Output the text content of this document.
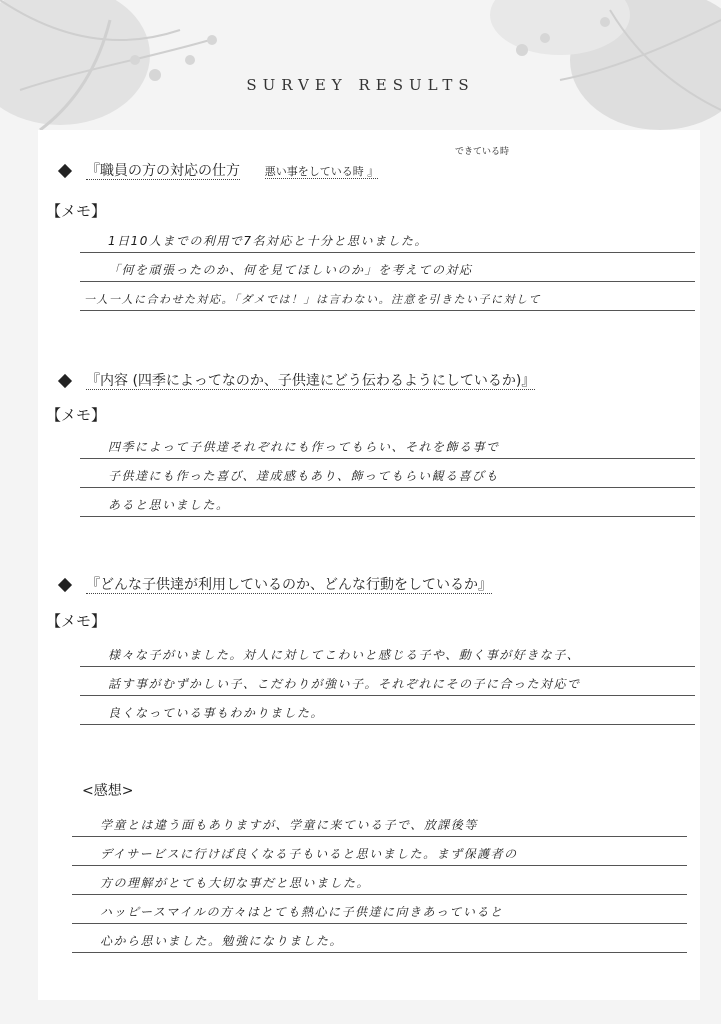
SURVEY RESULTS
『職員の方の対応の仕方
できている時
悪い事をしている時 』
【メモ】
1日10人までの利用で7名対応と十分と思いました。
「何を頑張ったのか、何を見てほしいのか」を考えての対応
一人一人に合わせた対応。「ダメでは！」は言わない。注意を引きたい子に対して
『内容 (四季によってなのか、子供達にどう伝わるようにしているか)』
【メモ】
四季によって子供達それぞれにも作ってもらい、それを飾る事で
子供達にも作った喜び、達成感もあり、飾ってもらい観る喜びも
あると思いました。
『どんな子供達が利用しているのか、どんな行動をしているか』
【メモ】
様々な子がいました。対人に対してこわいと感じる子や、動く事が好きな子、
話す事がむずかしい子、こだわりが強い子。それぞれにその子に合った対応で
良くなっている事もわかりました。
<感想>
学童とは違う面もありますが、学童に来ている子で、放課後等
デイサービスに行けば良くなる子もいると思いました。まず保護者の
方の理解がとても大切な事だと思いました。
ハッピースマイルの方々はとても熱心に子供達に向きあっていると
心から思いました。勉強になりました。
